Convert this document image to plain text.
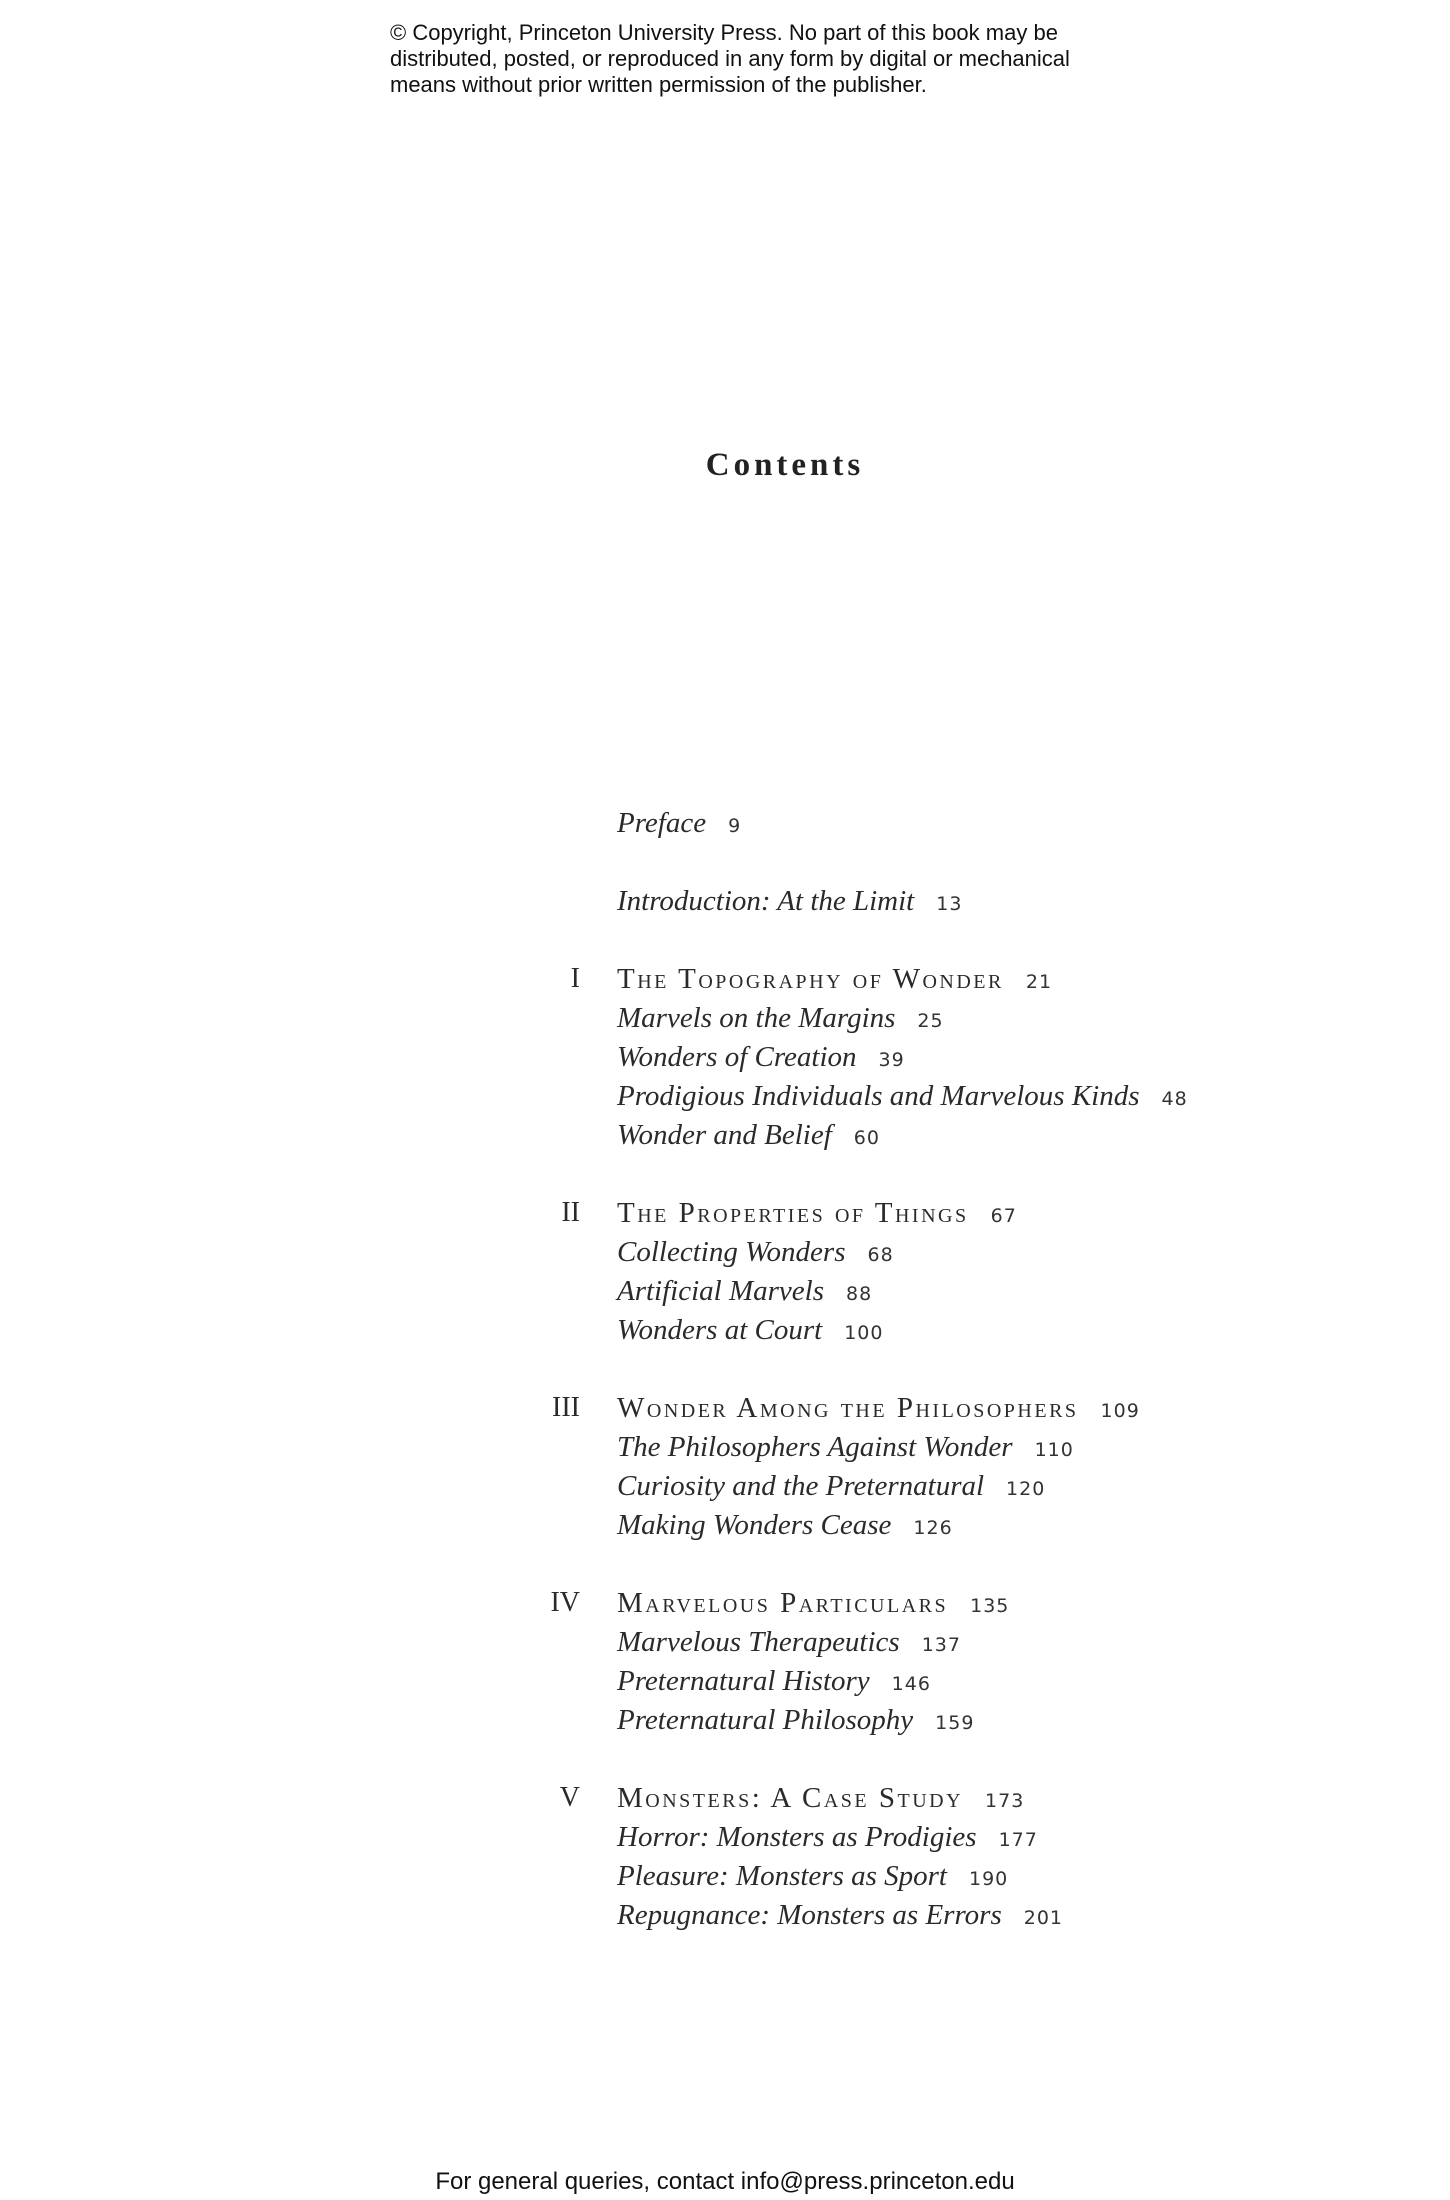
© Copyright, Princeton University Press. No part of this book may be
distributed, posted, or reproduced in any form by digital or mechanical
means without prior written permission of the publisher.
Contents
Preface 9
Introduction: At the Limit 13
I The Topography of Wonder 21
Marvels on the Margins 25
Wonders of Creation 39
Prodigious Individuals and Marvelous Kinds 48
Wonder and Belief 60
II The Properties of Things 67
Collecting Wonders 68
Artificial Marvels 88
Wonders at Court 100
III Wonder Among the Philosophers 109
The Philosophers Against Wonder 110
Curiosity and the Preternatural 120
Making Wonders Cease 126
IV Marvelous Particulars 135
Marvelous Therapeutics 137
Preternatural History 146
Preternatural Philosophy 159
V Monsters: A Case Study 173
Horror: Monsters as Prodigies 177
Pleasure: Monsters as Sport 190
Repugnance: Monsters as Errors 201
For general queries, contact info@press.princeton.edu
